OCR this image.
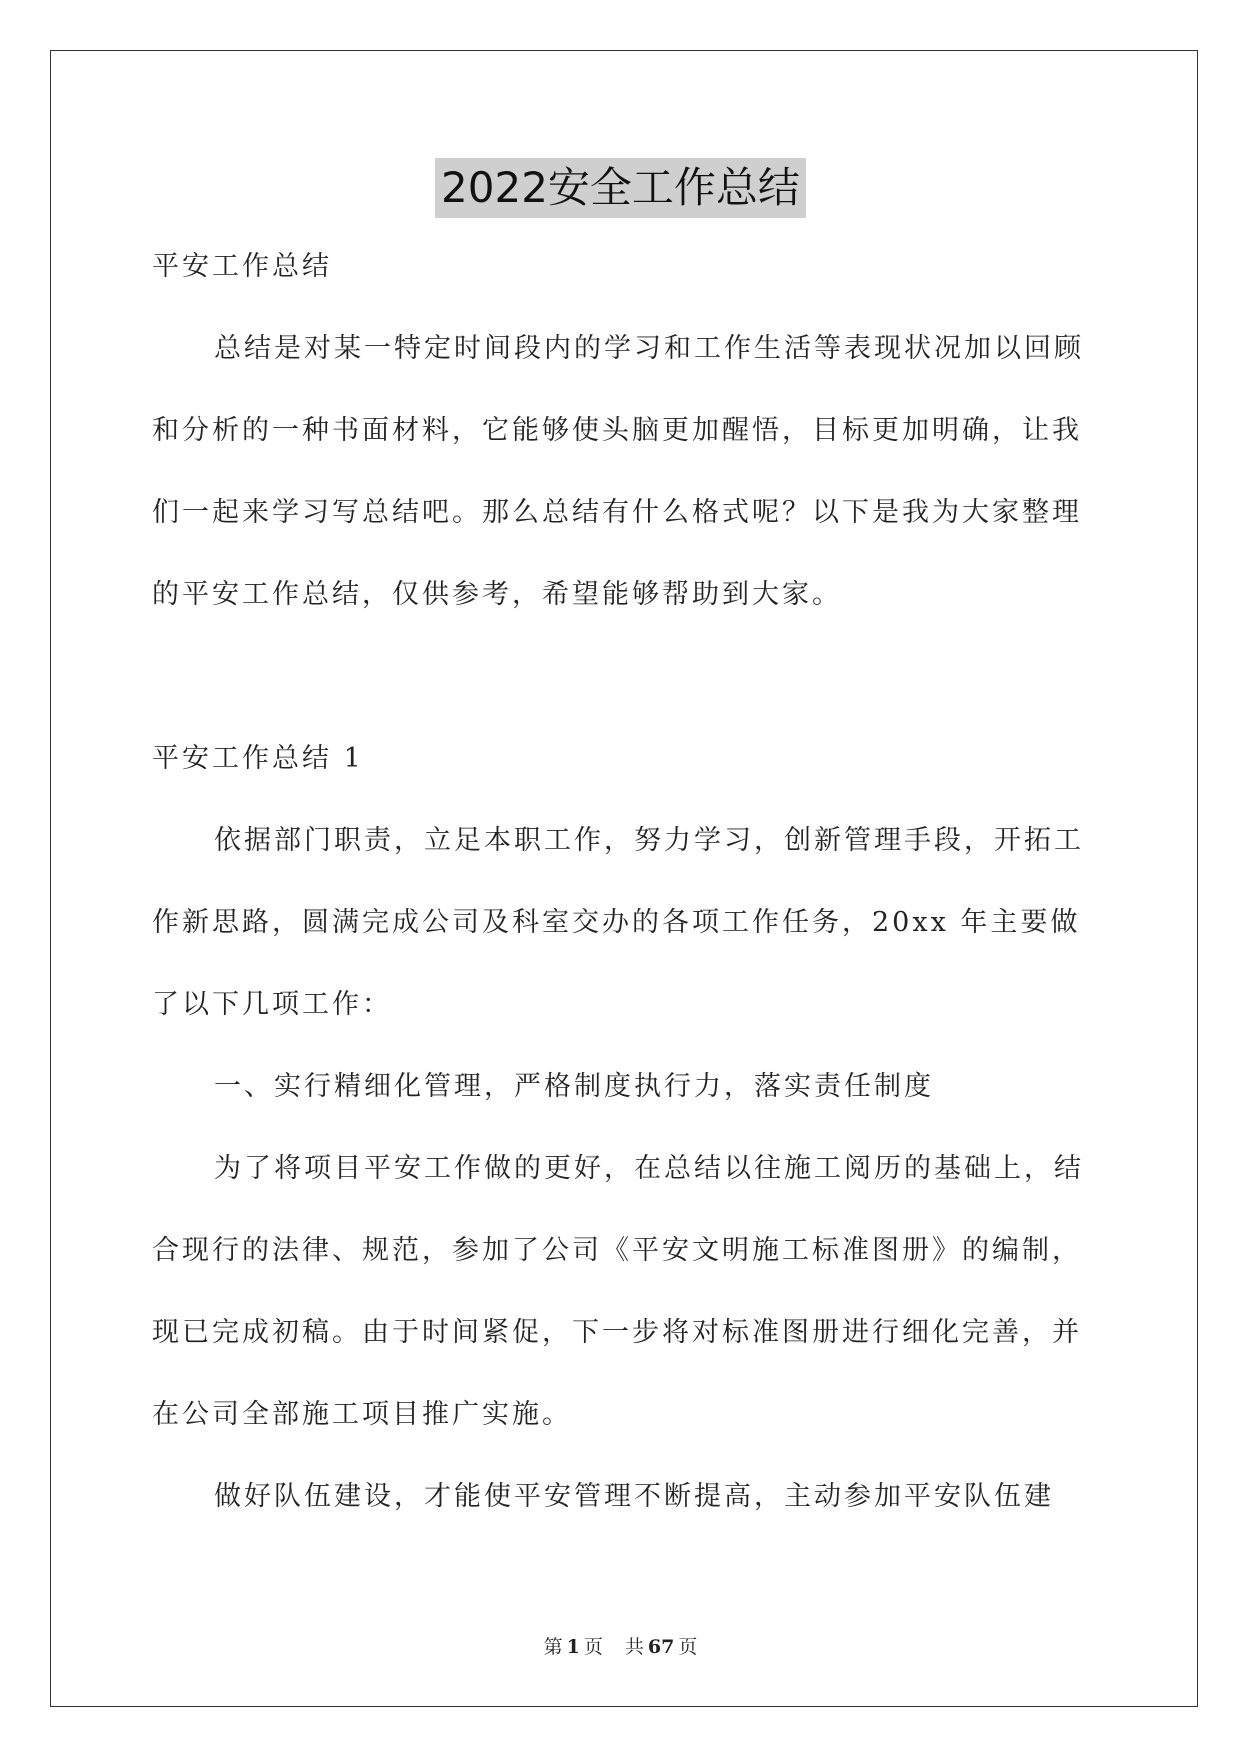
2022安全工作总结

平安工作总结

总结是对某一特定时间段内的学习和工作生活等表现状况加以回顾和分析的一种书面材料，它能够使头脑更加醒悟，目标更加明确，让我们一起来学习写总结吧。那么总结有什么格式呢？以下是我为大家整理的平安工作总结，仅供参考，希望能够帮助到大家。

平安工作总结 1

依据部门职责，立足本职工作，努力学习，创新管理手段，开拓工作新思路，圆满完成公司及科室交办的各项工作任务，20xx 年主要做了以下几项工作：

一、实行精细化管理，严格制度执行力，落实责任制度

为了将项目平安工作做的更好，在总结以往施工阅历的基础上，结合现行的法律、规范，参加了公司《平安文明施工标准图册》的编制，现已完成初稿。由于时间紧促，下一步将对标准图册进行细化完善，并在公司全部施工项目推广实施。

做好队伍建设，才能使平安管理不断提高，主动参加平安队伍建

第 1 页 共 67 页
